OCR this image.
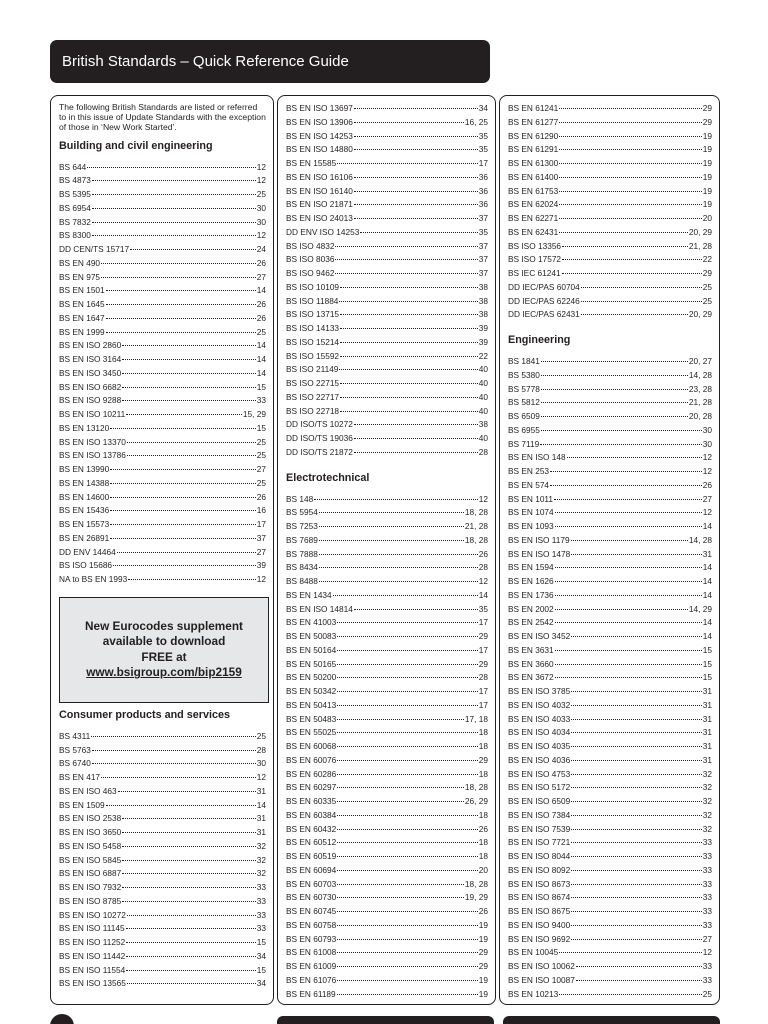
British Standards – Quick Reference Guide

The following British Standards are listed or referred to in this issue of Update Standards with the exception of those in ‘New Work Started’.

Building and civil engineering
BS 644	12
BS 4873	12
BS 5395	25
BS 6954	30
BS 7832	30
BS 8300	12
DD CEN/TS 15717	24
BS EN 490	26
BS EN 975	27
BS EN 1501	14
BS EN 1645	26
BS EN 1647	26
BS EN 1999	25
BS EN ISO 2860	14
BS EN ISO 3164	14
BS EN ISO 3450	14
BS EN ISO 6682	15
BS EN ISO 9288	33
BS EN ISO 10211	15, 29
BS EN 13120	15
BS EN ISO 13370	25
BS EN ISO 13786	25
BS EN 13990	27
BS EN 14388	25
BS EN 14600	26
BS EN 15436	16
BS EN 15573	17
BS EN 26891	37
DD ENV 14464	27
BS ISO 15686	39
NA to BS EN 1993	12
New Eurocodes supplement
available to download
FREE at
www.bsigroup.com/bip2159
Consumer products and services
BS 4311	25
BS 5763	28
BS 6740	30
BS EN 417	12
BS EN ISO 463	31
BS EN 1509	14
BS EN ISO 2538	31
BS EN ISO 3650	31
BS EN ISO 5458	32
BS EN ISO 5845	32
BS EN ISO 6887	32
BS EN ISO 7932	33
BS EN ISO 8785	33
BS EN ISO 10272	33
BS EN ISO 11145	33
BS EN ISO 11252	15
BS EN ISO 11442	34
BS EN ISO 11554	15
BS EN ISO 13565	34
BS EN ISO 13697	34
BS EN ISO 13906	16, 25
BS EN ISO 14253	35
BS EN ISO 14880	35
BS EN 15585	17
BS EN ISO 16106	36
BS EN ISO 16140	36
BS EN ISO 21871	36
BS EN ISO 24013	37
DD ENV ISO 14253	35
BS ISO 4832	37
BS ISO 8036	37
BS ISO 9462	37
BS ISO 10109	38
BS ISO 11884	38
BS ISO 13715	38
BS ISO 14133	39
BS ISO 15214	39
BS ISO 15592	22
BS ISO 21149	40
BS ISO 22715	40
BS ISO 22717	40
BS ISO 22718	40
DD ISO/TS 10272	38
DD ISO/TS 19036	40
DD ISO/TS 21872	28
Electrotechnical
BS 148	12
BS 5954	18, 28
BS 7253	21, 28
BS 7689	18, 28
BS 7888	26
BS 8434	28
BS 8488	12
BS EN 1434	14
BS EN ISO 14814	35
BS EN 41003	17
BS EN 50083	29
BS EN 50164	17
BS EN 50165	29
BS EN 50200	28
BS EN 50342	17
BS EN 50413	17
BS EN 50483	17, 18
BS EN 55025	18
BS EN 60068	18
BS EN 60076	29
BS EN 60286	18
BS EN 60297	18, 28
BS EN 60335	26, 29
BS EN 60384	18
BS EN 60432	26
BS EN 60512	18
BS EN 60519	18
BS EN 60694	20
BS EN 60703	18, 28
BS EN 60730	19, 29
BS EN 60745	26
BS EN 60758	19
BS EN 60793	19
BS EN 61008	29
BS EN 61009	29
BS EN 61076	19
BS EN 61189	19
BS EN 61241	29
BS EN 61277	29
BS EN 61290	19
BS EN 61291	19
BS EN 61300	19
BS EN 61400	19
BS EN 61753	19
BS EN 62024	19
BS EN 62271	20
BS EN 62431	20, 29
BS ISO 13356	21, 28
BS ISO 17572	22
BS IEC 61241	29
DD IEC/PAS 60704	25
DD IEC/PAS 62246	25
DD IEC/PAS 62431	20, 29
Engineering
BS 1841	20, 27
BS 5380	14, 28
BS 5778	23, 28
BS 5812	21, 28
BS 6509	20, 28
BS 6955	30
BS 7119	30
BS EN ISO 148	12
BS EN 253	12
BS EN 574	26
BS EN 1011	27
BS EN 1074	12
BS EN 1093	14
BS EN ISO 1179	14, 28
BS EN ISO 1478	31
BS EN 1594	14
BS EN 1626	14
BS EN 1736	14
BS EN 2002	14, 29
BS EN 2542	14
BS EN ISO 3452	14
BS EN 3631	15
BS EN 3660	15
BS EN 3672	15
BS EN ISO 3785	31
BS EN ISO 4032	31
BS EN ISO 4033	31
BS EN ISO 4034	31
BS EN ISO 4035	31
BS EN ISO 4036	31
BS EN ISO 4753	32
BS EN ISO 5172	32
BS EN ISO 6509	32
BS EN ISO 7384	32
BS EN ISO 7539	32
BS EN ISO 7721	33
BS EN ISO 8044	33
BS EN ISO 8092	33
BS EN ISO 8673	33
BS EN ISO 8674	33
BS EN ISO 8675	33
BS EN ISO 9400	33
BS EN ISO 9692	27
BS EN 10045	12
BS EN ISO 10062	33
BS EN ISO 10087	33
BS EN 10213	25
